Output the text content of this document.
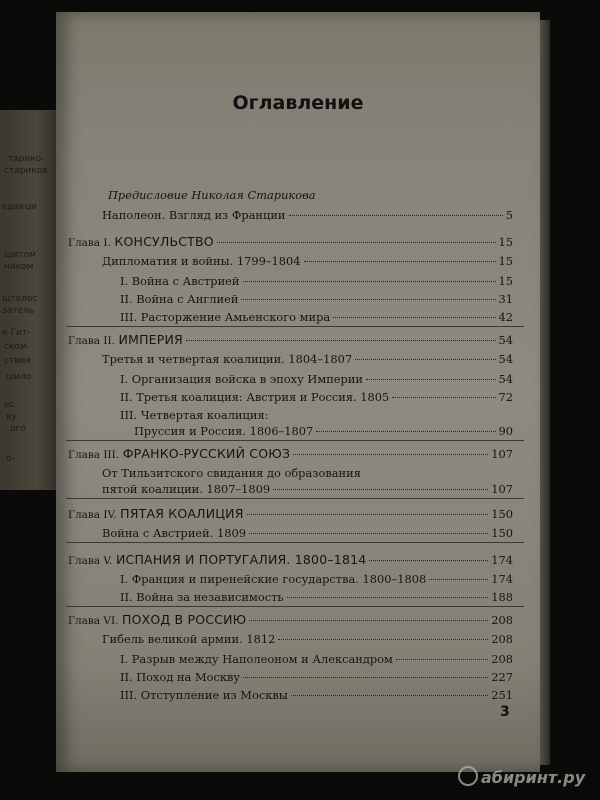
тарико-
стариков
едакци
щитом
ником
щтелос
затель
е Гит-
ском-
ствия
шило
ес-
ву
ого
о-
Оглавление
Предисловие Николая Старикова
Наполеон. Взгляд из Франции	5
Глава I. КОНСУЛЬСТВО	15
Дипломатия и войны. 1799–1804	15
I. Война с Австрией	15
II. Война с Англией	31
III. Расторжение Амьенского мира	42
Глава II. ИМПЕРИЯ	54
Третья и четвертая коалиции. 1804–1807	54
I. Организация войска в эпоху Империи	54
II. Третья коалиция: Австрия и Россия. 1805	72
III. Четвертая коалиция:
Пруссия и Россия. 1806–1807	90
Глава III. ФРАНКО-РУССКИЙ СОЮЗ	107
От Тильзитского свидания до образования
пятой коалиции. 1807–1809	107
Глава IV. ПЯТАЯ КОАЛИЦИЯ	150
Война с Австрией. 1809	150
Глава V. ИСПАНИЯ И ПОРТУГАЛИЯ. 1800–1814	174
I. Франция и пиренейские государства. 1800–1808	174
II. Война за независимость	188
Глава VI. ПОХОД В РОССИЮ	208
Гибель великой армии. 1812	208
I. Разрыв между Наполеоном и Александром	208
II. Поход на Москву	227
III. Отступление из Москвы	251
3
абиринт.ру
